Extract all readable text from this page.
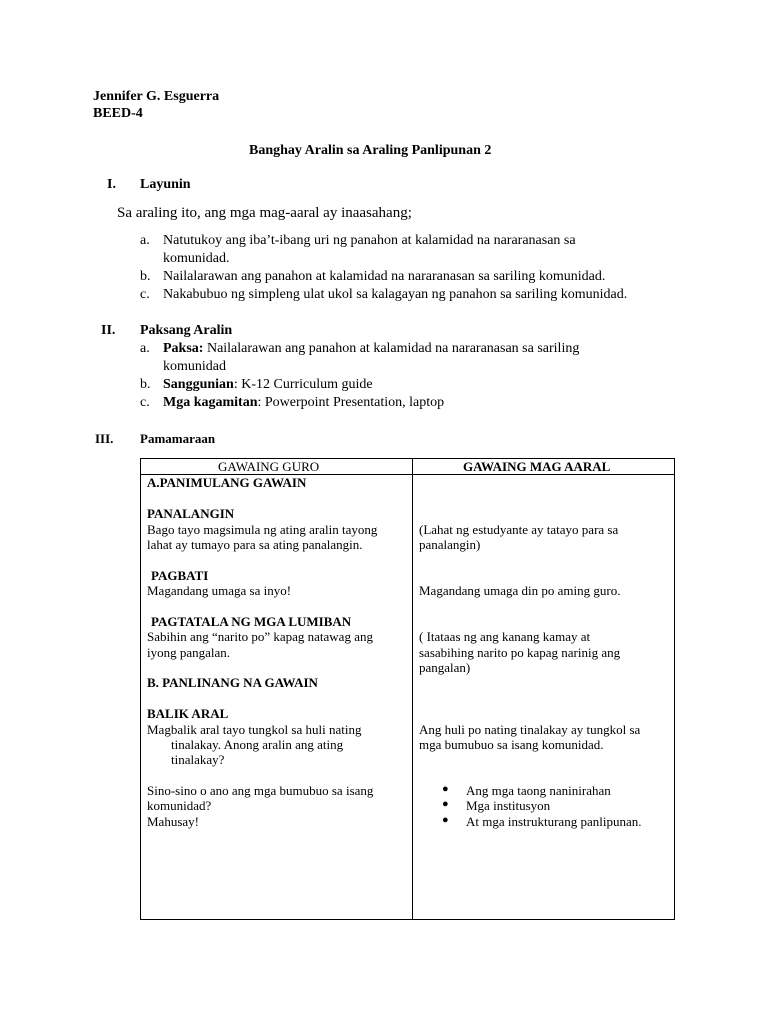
Jennifer G. Esguerra
BEED-4
Banghay Aralin sa Araling Panlipunan 2
I. Layunin
Sa araling ito, ang mga mag-aaral ay inaasahang;
a. Natutukoy ang iba’t-ibang uri ng panahon at kalamidad na nararanasan sa
komunidad.
b. Nailalarawan ang panahon at kalamidad na nararanasan sa sariling komunidad.
c. Nakabubuo ng simpleng ulat ukol sa kalagayan ng panahon sa sariling komunidad.
II. Paksang Aralin
a. Paksa: Nailalarawan ang panahon at kalamidad na nararanasan sa sariling
komunidad
b. Sanggunian: K-12 Curriculum guide
c. Mga kagamitan: Powerpoint Presentation, laptop
III. Pamamaraan
GAWAING GURO	GAWAING MAG AARAL
A.PANIMULANG GAWAIN
PANALANGIN
Bago tayo magsimula ng ating aralin tayong
lahat ay tumayo para sa ating panalangin.
PAGBATI
Magandang umaga sa inyo!
PAGTATALA NG MGA LUMIBAN
Sabihin ang “narito po” kapag natawag ang
iyong pangalan.
B. PANLINANG NA GAWAIN
BALIK ARAL
Magbalik aral tayo tungkol sa huli nating
tinalakay. Anong aralin ang ating
tinalakay?
Sino-sino o ano ang mga bumubuo sa isang
komunidad?
Mahusay!
(Lahat ng estudyante ay tatayo para sa
panalangin)
Magandang umaga din po aming guro.
( Itataas ng ang kanang kamay at
sasabihing narito po kapag narinig ang
pangalan)
Ang huli po nating tinalakay ay tungkol sa
mga bumubuo sa isang komunidad.
● Ang mga taong naninirahan
● Mga institusyon
● At mga instrukturang panlipunan.
